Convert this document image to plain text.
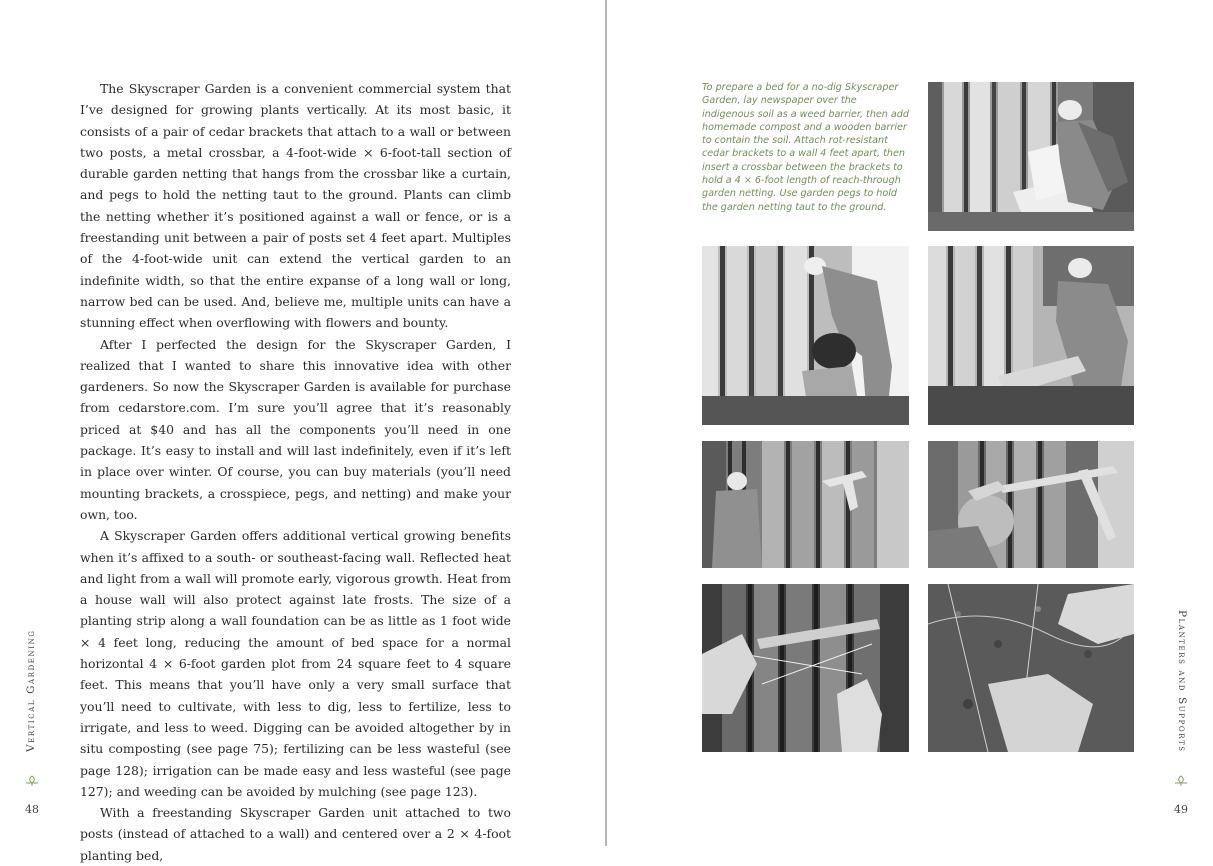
The Skyscraper Garden is a convenient commercial system that I’ve designed for growing plants vertically. At its most basic, it consists of a pair of cedar brackets that attach to a wall or between two posts, a metal crossbar, a 4-foot-wide × 6-foot-tall section of durable garden netting that hangs from the crossbar like a curtain, and pegs to hold the netting taut to the ground. Plants can climb the netting whether it’s positioned against a wall or fence, or is a freestanding unit between a pair of posts set 4 feet apart. Multiples of the 4-foot-wide unit can extend the vertical garden to an indefinite width, so that the entire expanse of a long wall or long, narrow bed can be used. And, believe me, multiple units can have a stunning effect when overflowing with flowers and bounty.

After I perfected the design for the Skyscraper Garden, I realized that I wanted to share this innovative idea with other gardeners. So now the Skyscraper Garden is available for purchase from cedarstore.com. I’m sure you’ll agree that it’s reasonably priced at $40 and has all the components you’ll need in one package. It’s easy to install and will last indefinitely, even if it’s left in place over winter. Of course, you can buy materials (you’ll need mounting brackets, a crosspiece, pegs, and netting) and make your own, too.

A Skyscraper Garden offers additional vertical growing benefits when it’s affixed to a south- or southeast-facing wall. Reflected heat and light from a wall will promote early, vigorous growth. Heat from a house wall will also protect against late frosts. The size of a planting strip along a wall foundation can be as little as 1 foot wide × 4 feet long, reducing the amount of bed space for a normal horizontal 4 × 6-foot garden plot from 24 square feet to 4 square feet. This means that you’ll have only a very small surface that you’ll need to cultivate, with less to dig, less to fertilize, less to irrigate, and less to weed. Digging can be avoided altogether by in situ composting (see page 75); fertilizing can be less wasteful (see page 128); irrigation can be made easy and less wasteful (see page 127); and weeding can be avoided by mulching (see page 123).

With a freestanding Skyscraper Garden unit attached to two posts (instead of attached to a wall) and centered over a 2 × 4-foot planting bed,

Vertical Gardening
48
To prepare a bed for a no-dig Skyscraper Garden, lay newspaper over the indigenous soil as a weed barrier, then add homemade compost and a wooden barrier to contain the soil. Attach rot-resistant cedar brackets to a wall 4 feet apart, then insert a crossbar between the brackets to hold a 4 × 6-foot length of reach-through garden netting. Use garden pegs to hold the garden netting taut to the ground.
Planters and Supports
49
